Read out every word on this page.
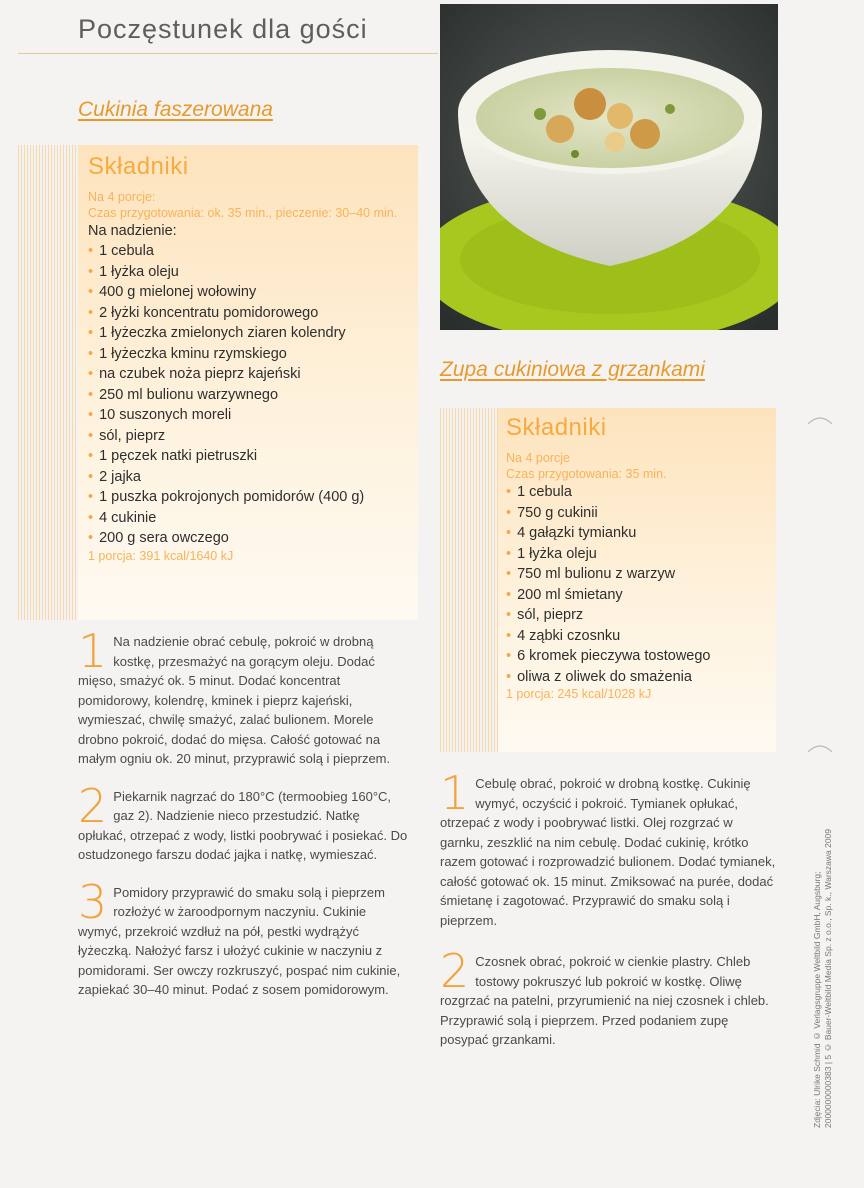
Poczęstunek dla gości
Cukinia faszerowana
Składniki
Na 4 porcje:
Czas przygotowania: ok. 35 min., pieczenie: 30–40 min.
Na nadzienie:
• 1 cebula
• 1 łyżka oleju
• 400 g mielonej wołowiny
• 2 łyżki koncentratu pomidorowego
• 1 łyżeczka zmielonych ziaren kolendry
• 1 łyżeczka kminu rzymskiego
• na czubek noża pieprz kajeński
• 250 ml bulionu warzywnego
• 10 suszonych moreli
• sól, pieprz
• 1 pęczek natki pietruszki
• 2 jajka
• 1 puszka pokrojonych pomidorów (400 g)
• 4 cukinie
• 200 g sera owczego
1 porcja: 391 kcal/1640 kJ
1 Na nadzienie obrać cebulę, pokroić w drobną kostkę, przesmażyć na gorącym oleju. Dodać mięso, smażyć ok. 5 minut. Dodać koncentrat pomidorowy, kolendrę, kminek i pieprz kajeński, wymieszać, chwilę smażyć, zalać bulionem. Morele drobno pokroić, dodać do mięsa. Całość gotować na małym ogniu ok. 20 minut, przyprawić solą i pieprzem.
2 Piekarnik nagrzać do 180°C (termoobieg 160°C, gaz 2). Nadzienie nieco przestudzić. Natkę opłukać, otrzepać z wody, listki poobrywać i posiekać. Do ostudzonego farszu dodać jajka i natkę, wymieszać.
3 Pomidory przyprawić do smaku solą i pieprzem rozłożyć w żaroodpornym naczyniu. Cukinie wymyć, przekroić wzdłuż na pół, pestki wydrążyć łyżeczką. Nałożyć farsz i ułożyć cukinie w naczyniu z pomidorami. Ser owczy rozkruszyć, pospać nim cukinie, zapiekać 30–40 minut. Podać z sosem pomidorowym.
Zupa cukiniowa z grzankami
Składniki
Na 4 porcje
Czas przygotowania: 35 min.
• 1 cebula
• 750 g cukinii
• 4 gałązki tymianku
• 1 łyżka oleju
• 750 ml bulionu z warzyw
• 200 ml śmietany
• sól, pieprz
• 4 ząbki czosnku
• 6 kromek pieczywa tostowego
• oliwa z oliwek do smażenia
1 porcja: 245 kcal/1028 kJ
1 Cebulę obrać, pokroić w drobną kostkę. Cukinię wymyć, oczyścić i pokroić. Tymianek opłukać, otrzepać z wody i poobrywać listki. Olej rozgrzać w garnku, zeszklić na nim cebulę. Dodać cukinię, krótko razem gotować i rozprowadzić bulionem. Dodać tymianek, całość gotować ok. 15 minut. Zmiksować na purée, dodać śmietanę i zagotować. Przyprawić do smaku solą i pieprzem.
2 Czosnek obrać, pokroić w cienkie plastry. Chleb tostowy pokruszyć lub pokroić w kostkę. Oliwę rozgrzać na patelni, przyrumienić na niej czosnek i chleb. Przyprawić solą i pieprzem. Przed podaniem zupę posypać grzankami.	Zdjęcia: Ulrike Schmid © Verlagsgruppe Weltbild GmbH, Augsburg;
2000000000383 | 5 © Bauer-Weltbild Media Sp. z o.o., Sp. k., Warszawa 2009
